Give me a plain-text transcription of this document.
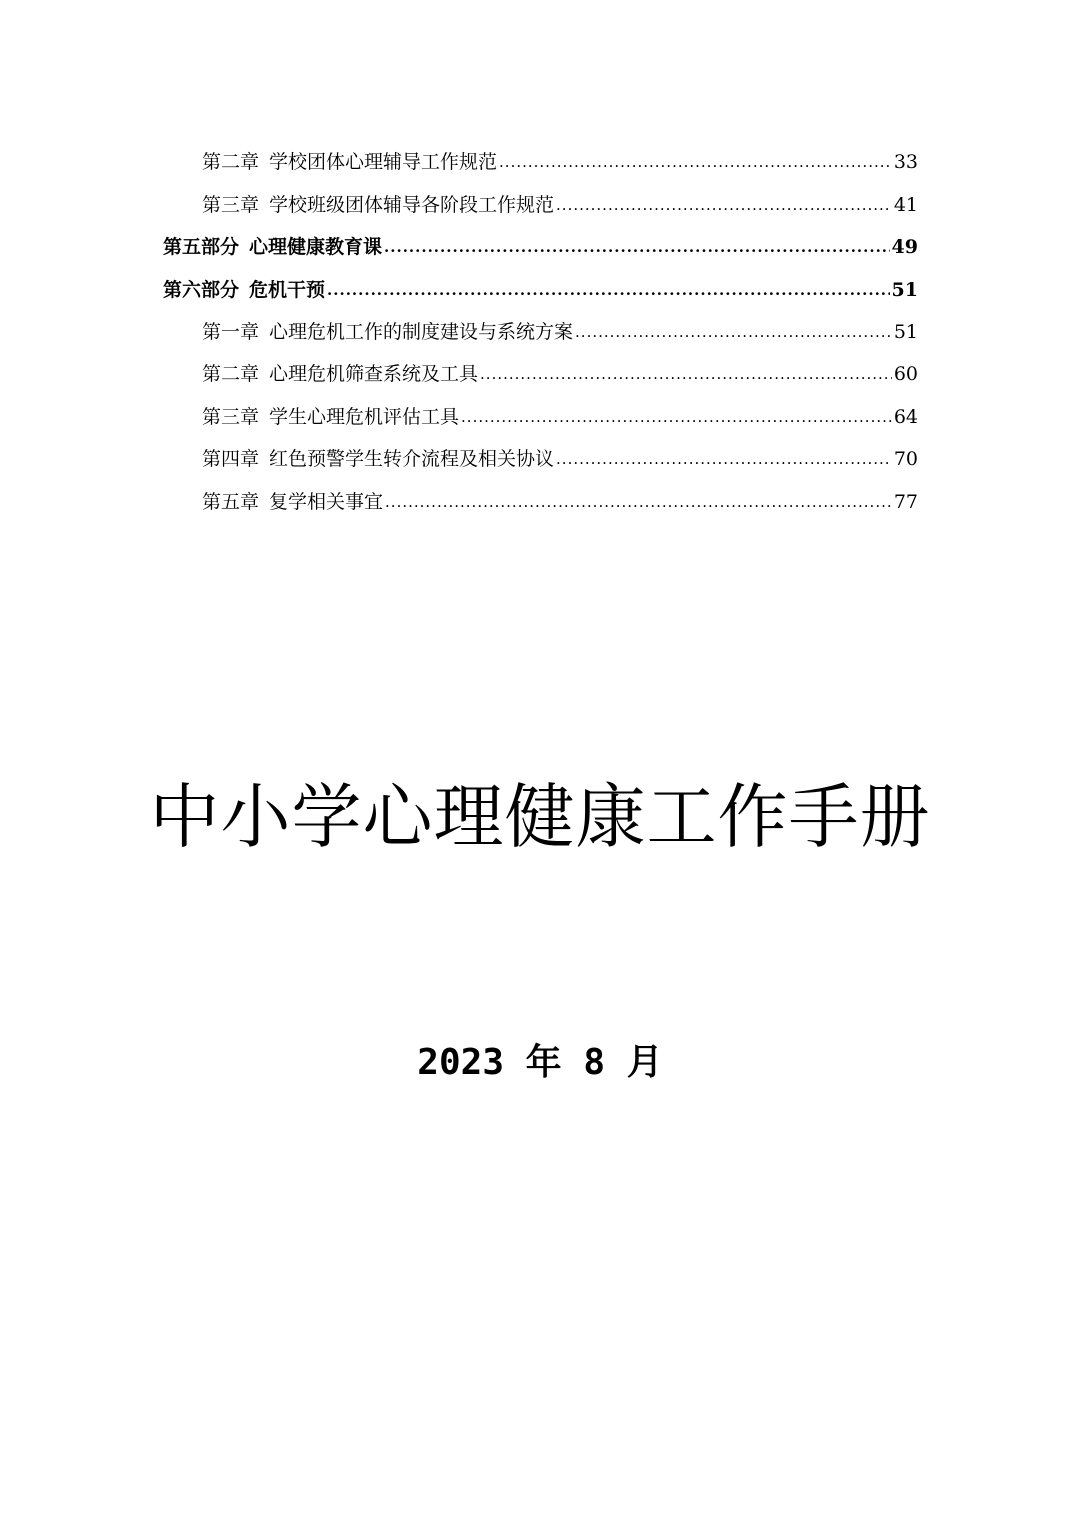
第二章 学校团体心理辅导工作规范 .....	33
第三章 学校班级团体辅导各阶段工作规范 .....	41
第五部分 心理健康教育课 .....	49
第六部分 危机干预 .....	51
第一章 心理危机工作的制度建设与系统方案 .....	51
第二章 心理危机筛查系统及工具 .....	60
第三章 学生心理危机评估工具 .....	64
第四章 红色预警学生转介流程及相关协议 .....	70
第五章 复学相关事宜 .....	77
中小学心理健康工作手册

2023 年 8 月
